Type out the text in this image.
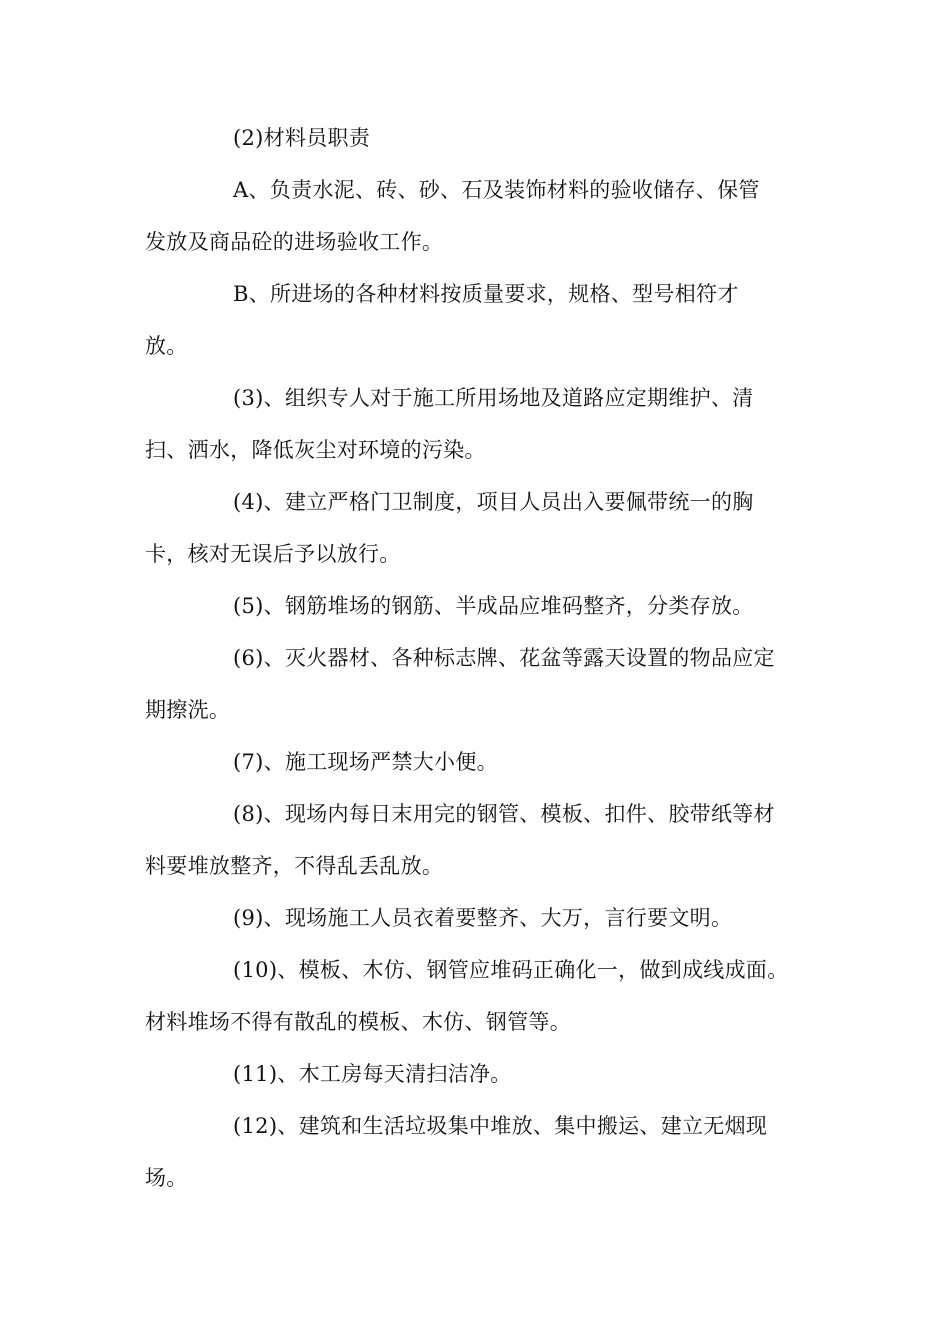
(2)材料员职责
A、负责水泥、砖、砂、石及装饰材料的验收储存、保管
发放及商品砼的进场验收工作。
B、所进场的各种材料按质量要求，规格、型号相符才
放。
(3)、组织专人对于施工所用场地及道路应定期维护、清
扫、洒水，降低灰尘对环境的污染。
(4)、建立严格门卫制度，项目人员出入要佩带统一的胸
卡，核对无误后予以放行。
(5)、钢筋堆场的钢筋、半成品应堆码整齐，分类存放。
(6)、灭火器材、各种标志牌、花盆等露天设置的物品应定
期擦洗。
(7)、施工现场严禁大小便。
(8)、现场内每日末用完的钢管、模板、扣件、胶带纸等材
料要堆放整齐，不得乱丢乱放。
(9)、现场施工人员衣着要整齐、大万，言行要文明。
(10)、模板、木仿、钢管应堆码正确化一，做到成线成面。
材料堆场不得有散乱的模板、木仿、钢管等。
(11)、木工房每天清扫洁净。
(12)、建筑和生活垃圾集中堆放、集中搬运、建立无烟现
场。
